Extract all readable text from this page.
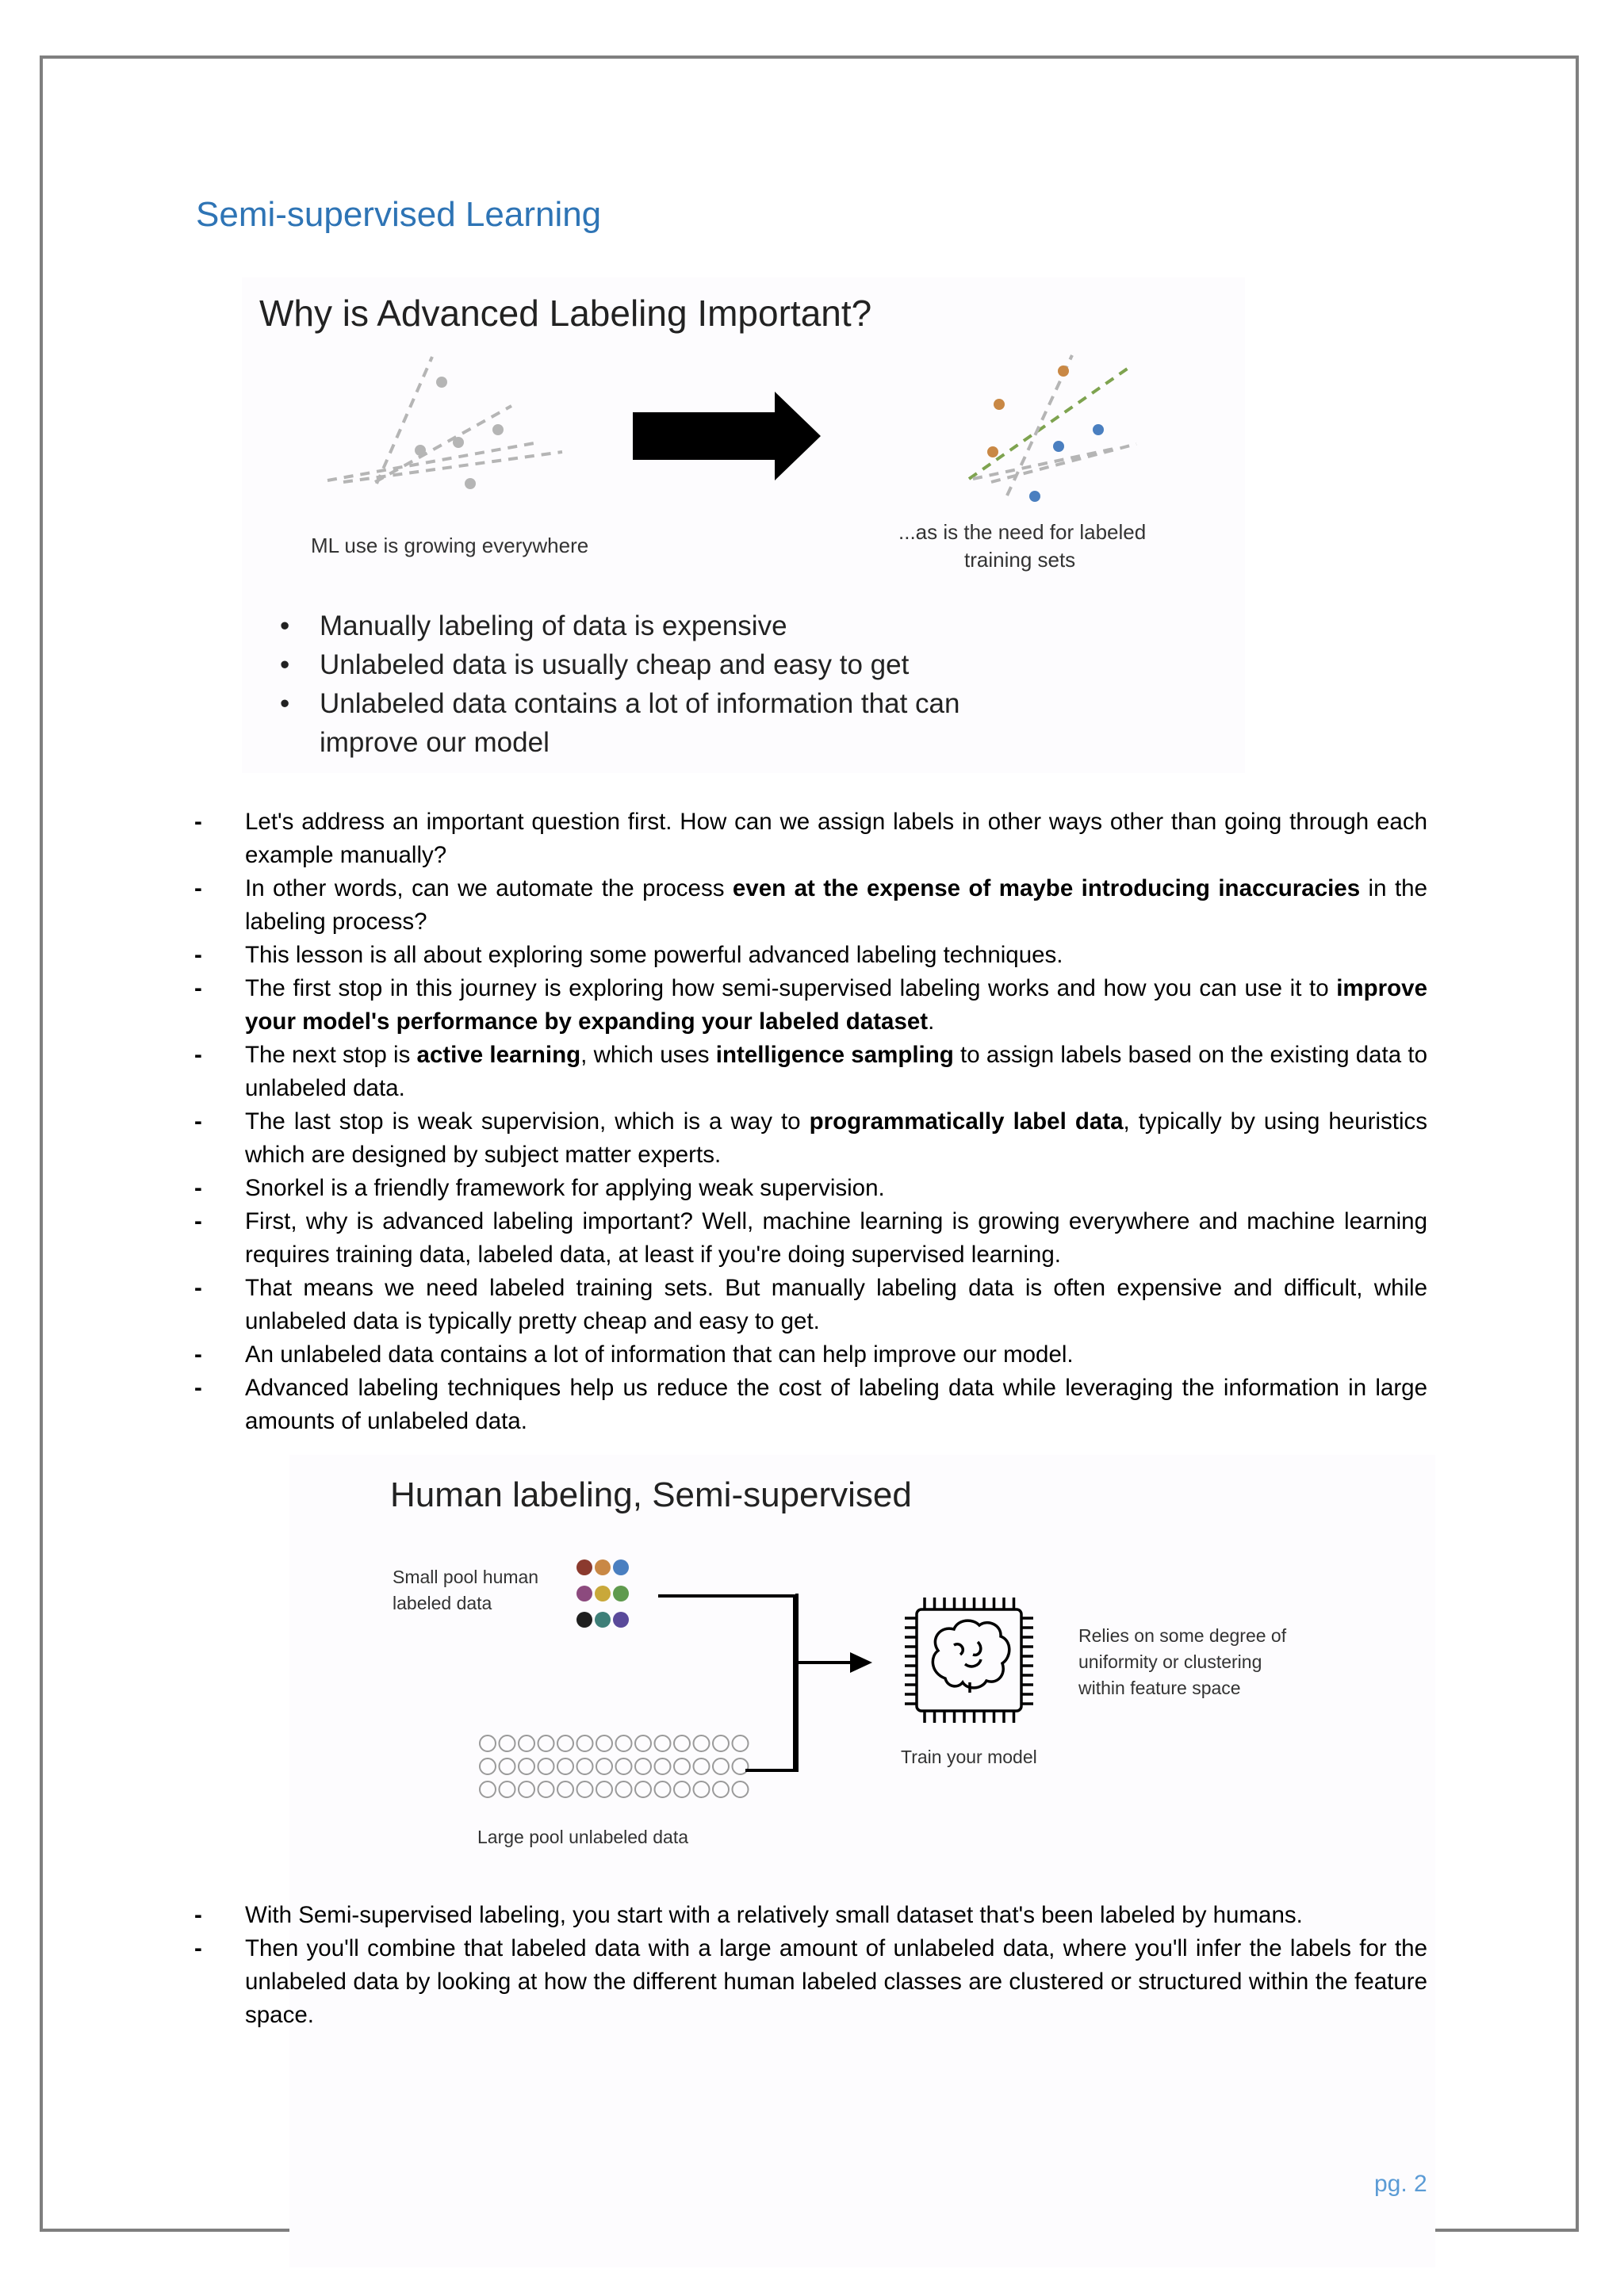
Semi-supervised Learning
Why is Advanced Labeling Important?
ML use is growing everywhere
...as is the need for labeled
training sets
• Manually labeling of data is expensive
• Unlabeled data is usually cheap and easy to get
• Unlabeled data contains a lot of information that can improve our model
- Let's address an important question first. How can we assign labels in other ways other than going through each example manually?
- In other words, can we automate the process even at the expense of maybe introducing inaccuracies in the labeling process?
- This lesson is all about exploring some powerful advanced labeling techniques.
- The first stop in this journey is exploring how semi-supervised labeling works and how you can use it to improve your model's performance by expanding your labeled dataset.
- The next stop is active learning, which uses intelligence sampling to assign labels based on the existing data to unlabeled data.
- The last stop is weak supervision, which is a way to programmatically label data, typically by using heuristics which are designed by subject matter experts.
- Snorkel is a friendly framework for applying weak supervision.
- First, why is advanced labeling important? Well, machine learning is growing everywhere and machine learning requires training data, labeled data, at least if you're doing supervised learning.
- That means we need labeled training sets. But manually labeling data is often expensive and difficult, while unlabeled data is typically pretty cheap and easy to get.
- An unlabeled data contains a lot of information that can help improve our model.
- Advanced labeling techniques help us reduce the cost of labeling data while leveraging the information in large amounts of unlabeled data.
Human labeling, Semi-supervised
Small pool human
labeled data
Large pool unlabeled data
Train your model
Relies on some degree of
uniformity or clustering
within feature space
- With Semi-supervised labeling, you start with a relatively small dataset that's been labeled by humans.
- Then you'll combine that labeled data with a large amount of unlabeled data, where you'll infer the labels for the unlabeled data by looking at how the different human labeled classes are clustered or structured within the feature space.
pg. 2
